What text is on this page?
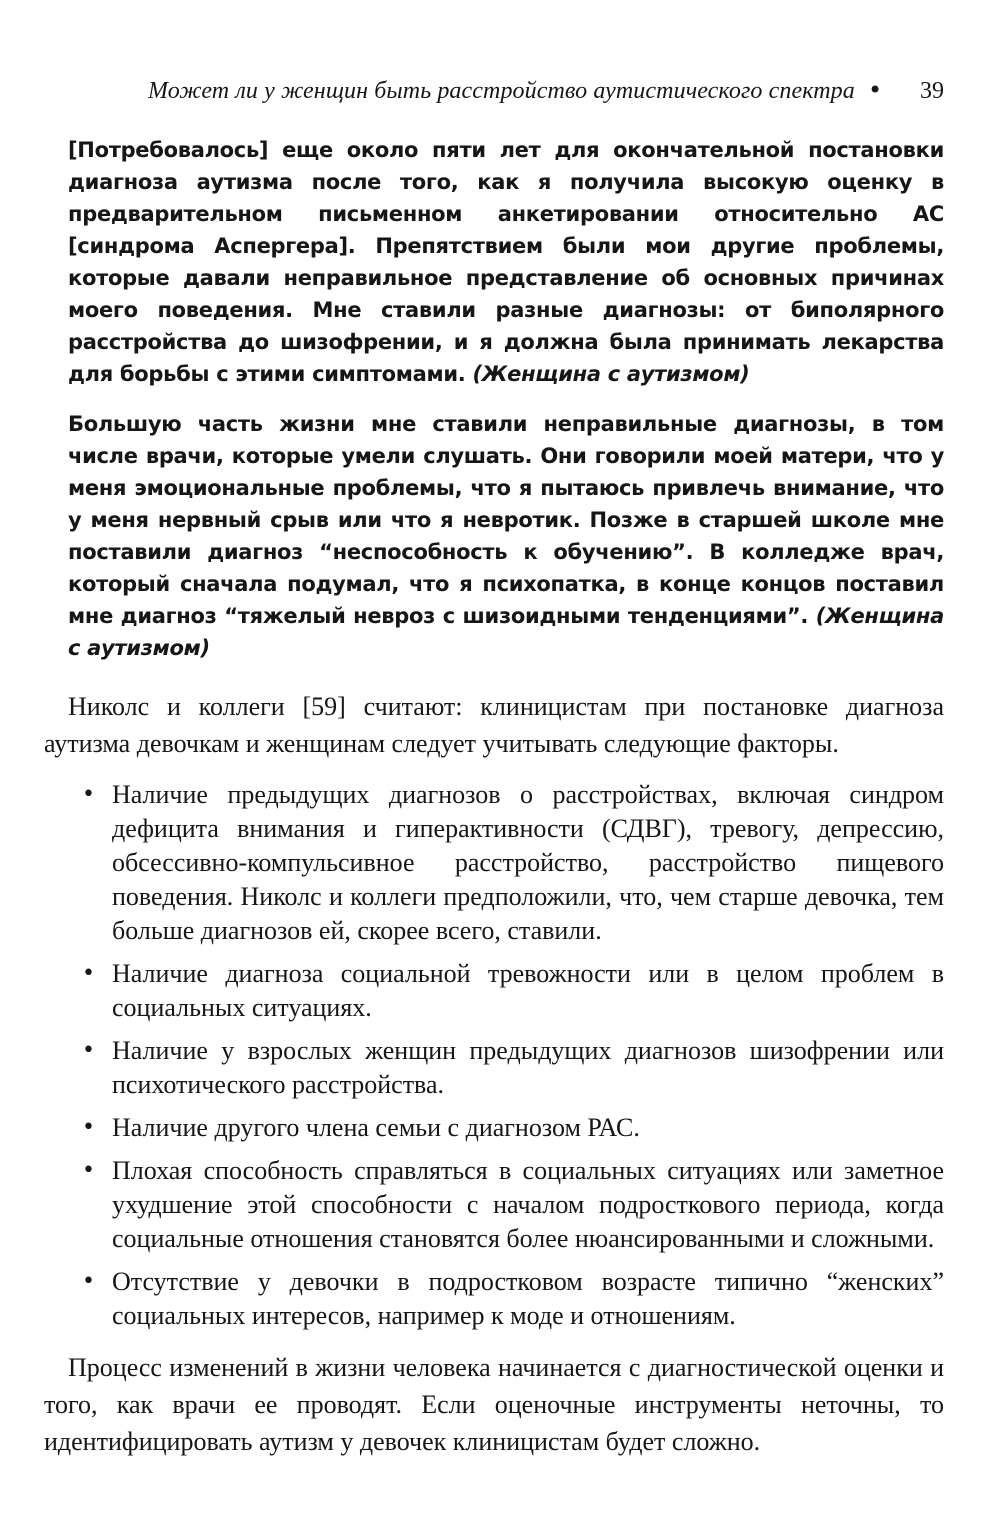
Может ли у женщин быть расстройство аутистического спектра • 39

[Потребовалось] еще около пяти лет для окончательной постановки диагноза аутизма после того, как я получила высокую оценку в предварительном письменном анкетировании относительно АС [синдрома Аспергера]. Препятствием были мои другие проблемы, которые давали неправильное представление об основных причинах моего поведения. Мне ставили разные диагнозы: от биполярного расстройства до шизофрении, и я должна была принимать лекарства для борьбы с этими симптомами. (Женщина с аутизмом)

Большую часть жизни мне ставили неправильные диагнозы, в том числе врачи, которые умели слушать. Они говорили моей матери, что у меня эмоциональные проблемы, что я пытаюсь привлечь внимание, что у меня нервный срыв или что я невротик. Позже в старшей школе мне поставили диагноз “неспособность к обучению”. В колледже врач, который сначала подумал, что я психопатка, в конце концов поставил мне диагноз “тяжелый невроз с шизоидными тенденциями”. (Женщина с аутизмом)

Николс и коллеги [59] считают: клиницистам при постановке диагноза аутизма девочкам и женщинам следует учитывать следующие факторы.

• Наличие предыдущих диагнозов о расстройствах, включая синдром дефицита внимания и гиперактивности (СДВГ), тревогу, депрессию, обсессивно-компульсивное расстройство, расстройство пищевого поведения. Николс и коллеги предположили, что, чем старше девочка, тем больше диагнозов ей, скорее всего, ставили.
• Наличие диагноза социальной тревожности или в целом проблем в социальных ситуациях.
• Наличие у взрослых женщин предыдущих диагнозов шизофрении или психотического расстройства.
• Наличие другого члена семьи с диагнозом РАС.
• Плохая способность справляться в социальных ситуациях или заметное ухудшение этой способности с началом подросткового периода, когда социальные отношения становятся более нюансированными и сложными.
• Отсутствие у девочки в подростковом возрасте типично “женских” социальных интересов, например к моде и отношениям.

Процесс изменений в жизни человека начинается с диагностической оценки и того, как врачи ее проводят. Если оценочные инструменты неточны, то идентифицировать аутизм у девочек клиницистам будет сложно.
